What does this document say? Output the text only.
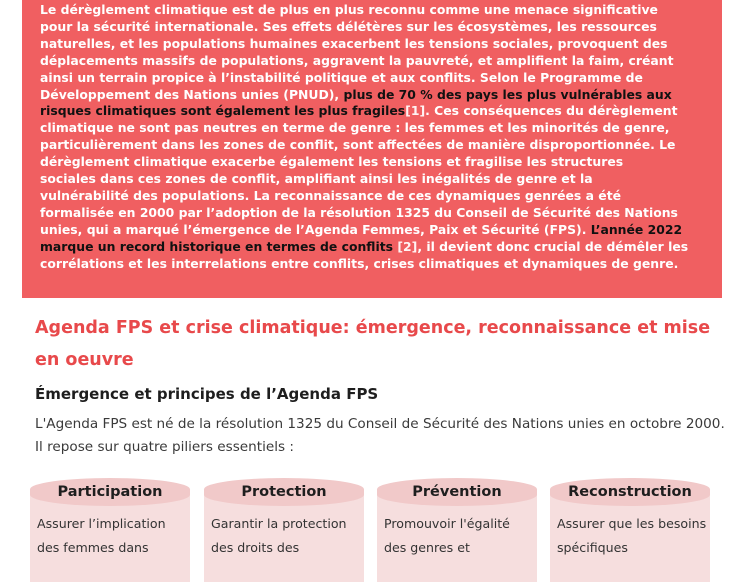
Le dérèglement climatique est de plus en plus reconnu comme une menace significative
pour la sécurité internationale. Ses effets délétères sur les écosystèmes, les ressources
naturelles, et les populations humaines exacerbent les tensions sociales, provoquent des
déplacements massifs de populations, aggravent la pauvreté, et amplifient la faim, créant
ainsi un terrain propice à l’instabilité politique et aux conflits. Selon le Programme de
Développement des Nations unies (PNUD), plus de 70 % des pays les plus vulnérables aux
risques climatiques sont également les plus fragiles[1]. Ces conséquences du dérèglement
climatique ne sont pas neutres en terme de genre : les femmes et les minorités de genre,
particulièrement dans les zones de conflit, sont affectées de manière disproportionnée. Le
dérèglement climatique exacerbe également les tensions et fragilise les structures
sociales dans ces zones de conflit, amplifiant ainsi les inégalités de genre et la
vulnérabilité des populations. La reconnaissance de ces dynamiques genrées a été
formalisée en 2000 par l’adoption de la résolution 1325 du Conseil de Sécurité des Nations
unies, qui a marqué l’émergence de l’Agenda Femmes, Paix et Sécurité (FPS). L’année 2022
marque un record historique en termes de conflits [2], il devient donc crucial de démêler les
corrélations et les interrelations entre conflits, crises climatiques et dynamiques de genre.
Agenda FPS et crise climatique: émergence, reconnaissance et mise en oeuvre
Émergence et principes de l’Agenda FPS
L'Agenda FPS est né de la résolution 1325 du Conseil de Sécurité des Nations unies en octobre 2000. Il repose sur quatre piliers essentiels :
Participation
Assurer l’implication des femmes dans
Protection
Garantir la protection des droits des
Prévention
Promouvoir l'égalité des genres et
Reconstruction
Assurer que les besoins spécifiques
